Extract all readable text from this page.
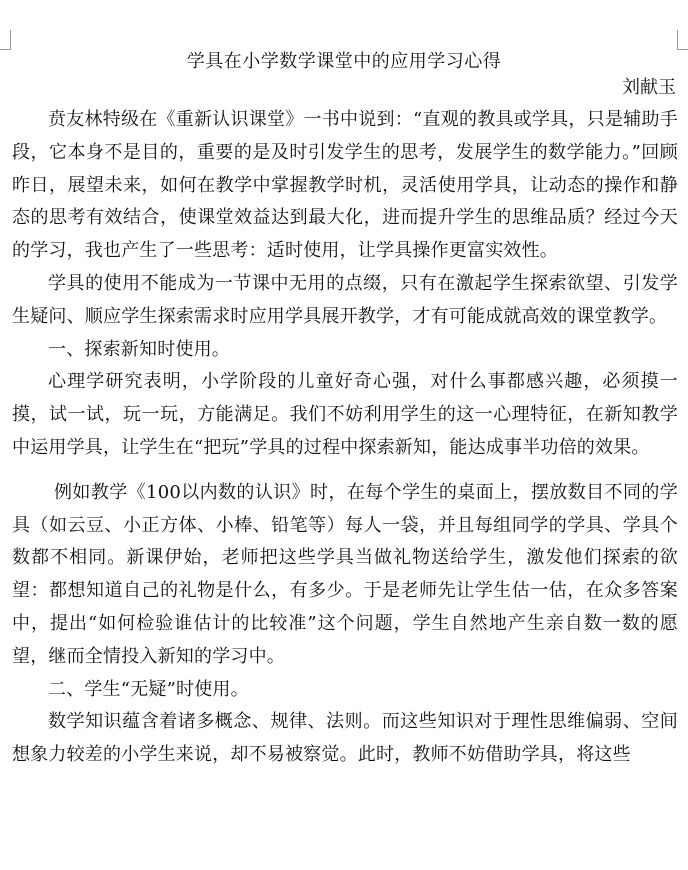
学具在小学数学课堂中的应用学习心得
刘献玉

贲友林特级在《重新认识课堂》一书中说到：“直观的教具或学具，只是辅助手段，它本身不是目的，重要的是及时引发学生的思考，发展学生的数学能力。”回顾昨日，展望未来，如何在教学中掌握教学时机，灵活使用学具，让动态的操作和静态的思考有效结合，使课堂效益达到最大化，进而提升学生的思维品质？经过今天的学习，我也产生了一些思考：适时使用，让学具操作更富实效性。

学具的使用不能成为一节课中无用的点缀，只有在激起学生探索欲望、引发学生疑问、顺应学生探索需求时应用学具展开教学，才有可能成就高效的课堂教学。

一、探索新知时使用。

心理学研究表明，小学阶段的儿童好奇心强，对什么事都感兴趣，必须摸一摸，试一试，玩一玩，方能满足。我们不妨利用学生的这一心理特征，在新知教学中运用学具，让学生在“把玩”学具的过程中探索新知，能达成事半功倍的效果。

例如教学《100以内数的认识》时，在每个学生的桌面上，摆放数目不同的学具（如云豆、小正方体、小棒、铅笔等）每人一袋，并且每组同学的学具、学具个数都不相同。新课伊始，老师把这些学具当做礼物送给学生，激发他们探索的欲望：都想知道自己的礼物是什么，有多少。于是老师先让学生估一估，在众多答案中，提出“如何检验谁估计的比较准”这个问题，学生自然地产生亲自数一数的愿望，继而全情投入新知的学习中。

二、学生“无疑”时使用。

数学知识蕴含着诸多概念、规律、法则。而这些知识对于理性思维偏弱、空间想象力较差的小学生来说，却不易被察觉。此时，教师不妨借助学具，将这些
